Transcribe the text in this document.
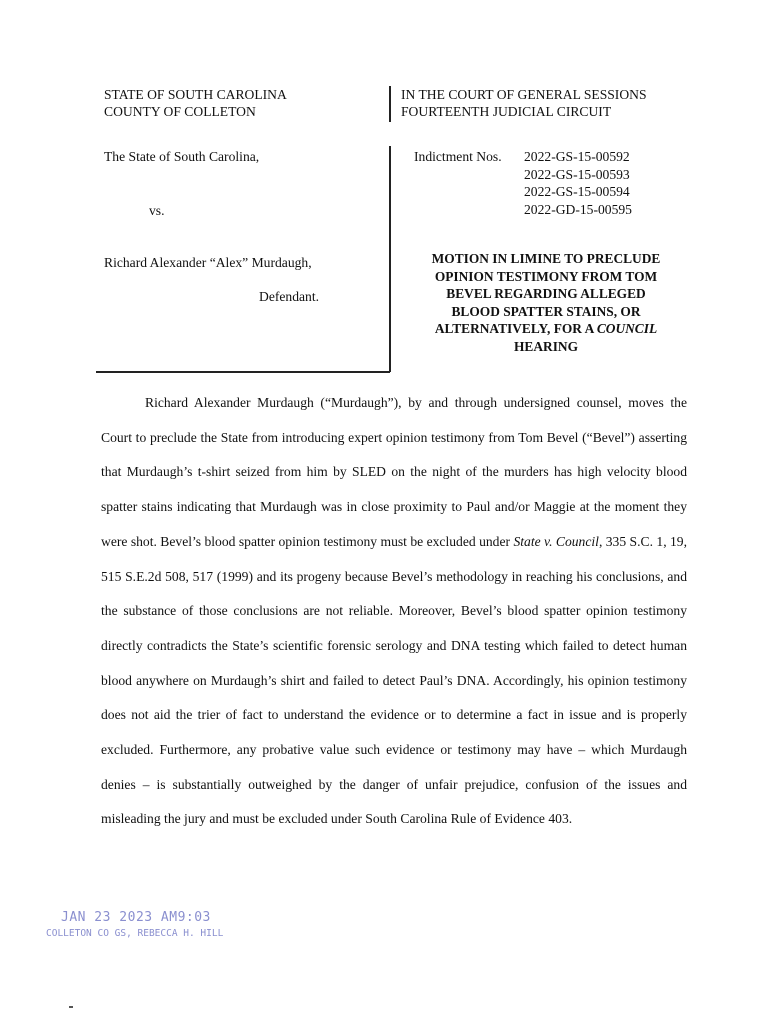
STATE OF SOUTH CAROLINA
COUNTY OF COLLETON
IN THE COURT OF GENERAL SESSIONS
FOURTEENTH JUDICIAL CIRCUIT
The State of South Carolina,
vs.
Richard Alexander “Alex” Murdaugh,
Defendant.
Indictment Nos. 2022-GS-15-00592
2022-GS-15-00593
2022-GS-15-00594
2022-GD-15-00595
MOTION IN LIMINE TO PRECLUDE
OPINION TESTIMONY FROM TOM
BEVEL REGARDING ALLEGED
BLOOD SPATTER STAINS, OR
ALTERNATIVELY, FOR A COUNCIL
HEARING

Richard Alexander Murdaugh (“Murdaugh”), by and through undersigned counsel, moves the Court to preclude the State from introducing expert opinion testimony from Tom Bevel (“Bevel”) asserting that Murdaugh’s t-shirt seized from him by SLED on the night of the murders has high velocity blood spatter stains indicating that Murdaugh was in close proximity to Paul and/or Maggie at the moment they were shot. Bevel’s blood spatter opinion testimony must be excluded under State v. Council, 335 S.C. 1, 19, 515 S.E.2d 508, 517 (1999) and its progeny because Bevel’s methodology in reaching his conclusions, and the substance of those conclusions are not reliable. Moreover, Bevel’s blood spatter opinion testimony directly contradicts the State’s scientific forensic serology and DNA testing which failed to detect human blood anywhere on Murdaugh’s shirt and failed to detect Paul’s DNA. Accordingly, his opinion testimony does not aid the trier of fact to understand the evidence or to determine a fact in issue and is properly excluded. Furthermore, any probative value such evidence or testimony may have – which Murdaugh denies – is substantially outweighed by the danger of unfair prejudice, confusion of the issues and misleading the jury and must be excluded under South Carolina Rule of Evidence 403.

JAN 23 2023 AM9:03
COLLETON CO GS, REBECCA H. HILL
